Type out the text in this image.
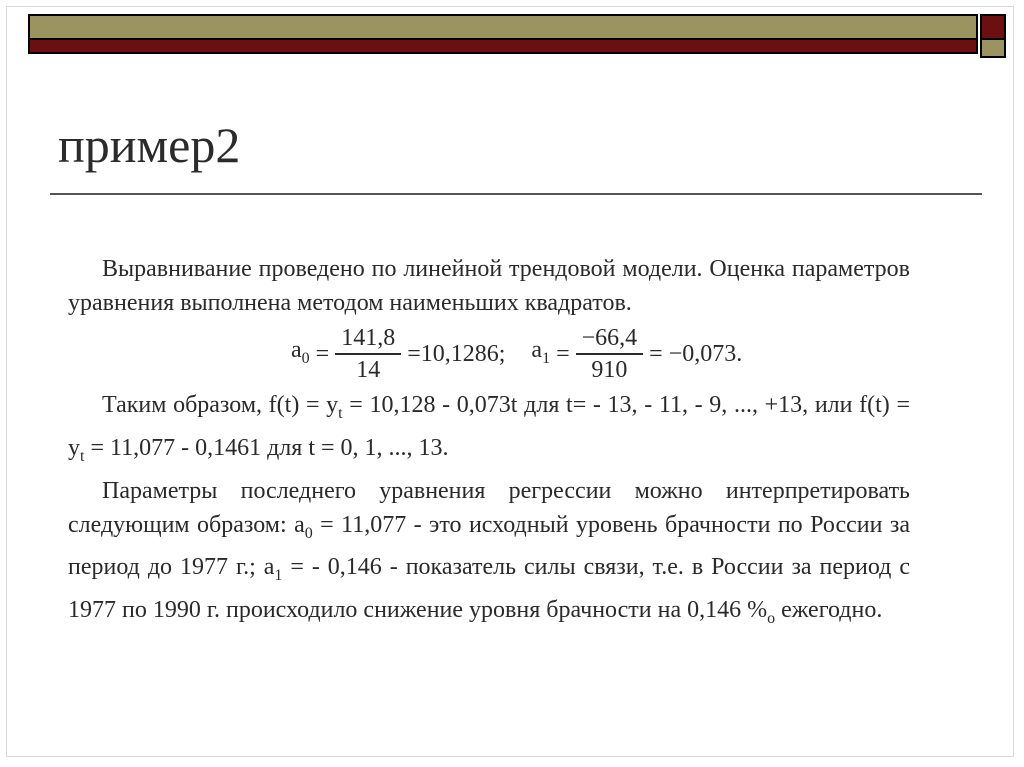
пример2

Выравнивание проведено по линейной трендовой модели. Оценка параметров уравнения выполнена методом наименьших квадратов.

$a_0 = \frac{141,8}{14} =10,1286$; $a_1 = \frac{-66,4}{910} = -0,073$.

Таким образом, $f(t) = y_t = 10,128 - 0,073t$ для t= - 13, - 11, - 9, ..., +13, или $f(t) = y_t = 11,077 - 0,1461$ для t = 0, 1, ..., 13.

Параметры последнего уравнения регрессии можно интерпретировать следующим образом: $a_0 = 11,077$ - это исходный уровень брачности по России за период до 1977 г.; $a_1$ = - 0,146 - показатель силы связи, т.е. в России за период с 1977 по 1990 г. происходило снижение уровня брачности на 0,146 $\%_o$ ежегодно.
